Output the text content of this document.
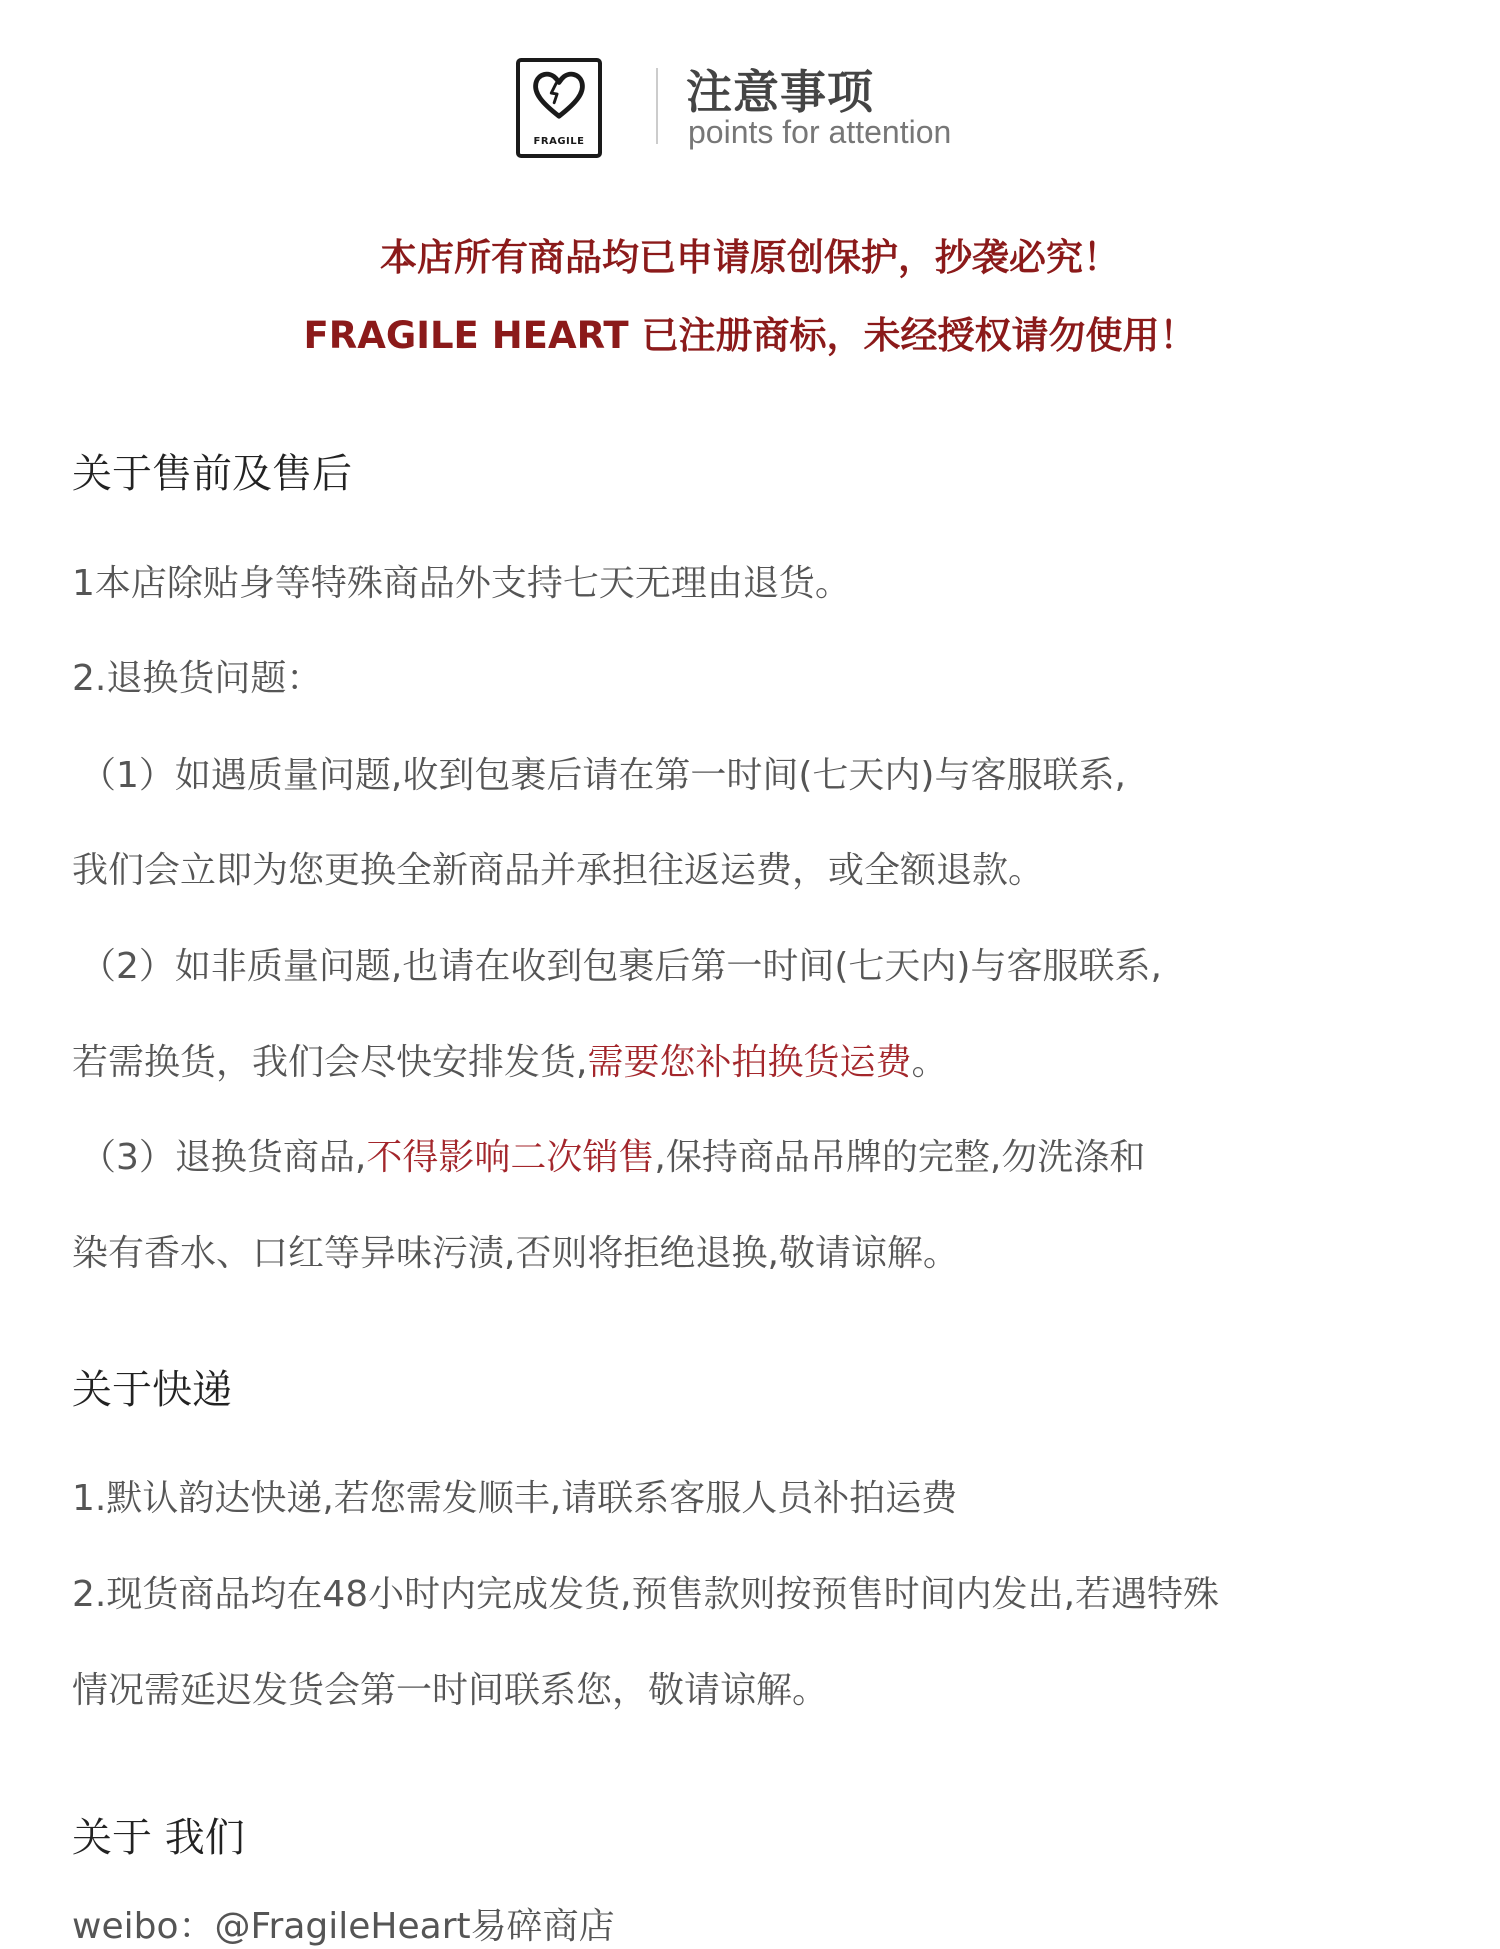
FRAGILE
注意事项
points for attention
本店所有商品均已申请原创保护，抄袭必究！
FRAGILE HEART 已注册商标，未经授权请勿使用！
关于售前及售后
1本店除贴身等特殊商品外支持七天无理由退货。
2.退换货问题：
（1）如遇质量问题,收到包裹后请在第一时间(七天内)与客服联系,
我们会立即为您更换全新商品并承担往返运费，或全额退款。
（2）如非质量问题,也请在收到包裹后第一时间(七天内)与客服联系,
若需换货，我们会尽快安排发货,需要您补拍换货运费。
（3）退换货商品,不得影响二次销售,保持商品吊牌的完整,勿洗涤和
染有香水、口红等异味污渍,否则将拒绝退换,敬请谅解。
关于快递
1.默认韵达快递,若您需发顺丰,请联系客服人员补拍运费
2.现货商品均在48小时内完成发货,预售款则按预售时间内发出,若遇特殊
情况需延迟发货会第一时间联系您，敬请谅解。
关于 我们
weibo：@FragileHeart易碎商店
